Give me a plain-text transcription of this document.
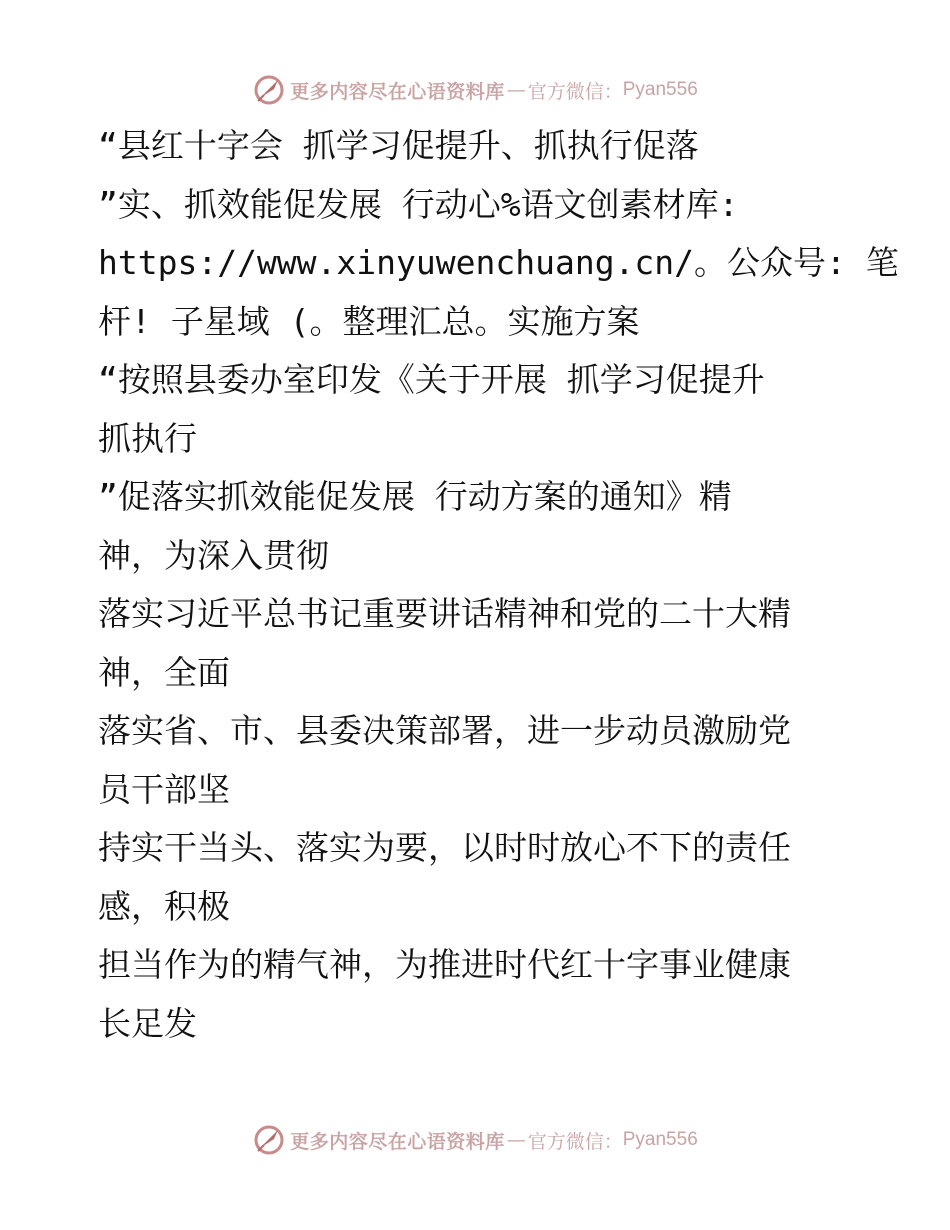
更多内容尽在心语资料库 — 官方微信： Pyan556
“县红十字会 抓学习促提升、抓执行促落
”实、抓效能促发展 行动心%语文创素材库:
https://www.xinyuwenchuang.cn/。公众号: 笔
杆! 子星域 (。整理汇总。实施方案
“按照县委办室印发《关于开展 抓学习促提升
抓执行
”促落实抓效能促发展 行动方案的通知》精
神，为深入贯彻
落实习近平总书记重要讲话精神和党的二十大精
神，全面
落实省、市、县委决策部署，进一步动员激励党
员干部坚
持实干当头、落实为要，以时时放心不下的责任
感，积极
担当作为的精气神，为推进时代红十字事业健康
长足发
更多内容尽在心语资料库 — 官方微信： Pyan556
